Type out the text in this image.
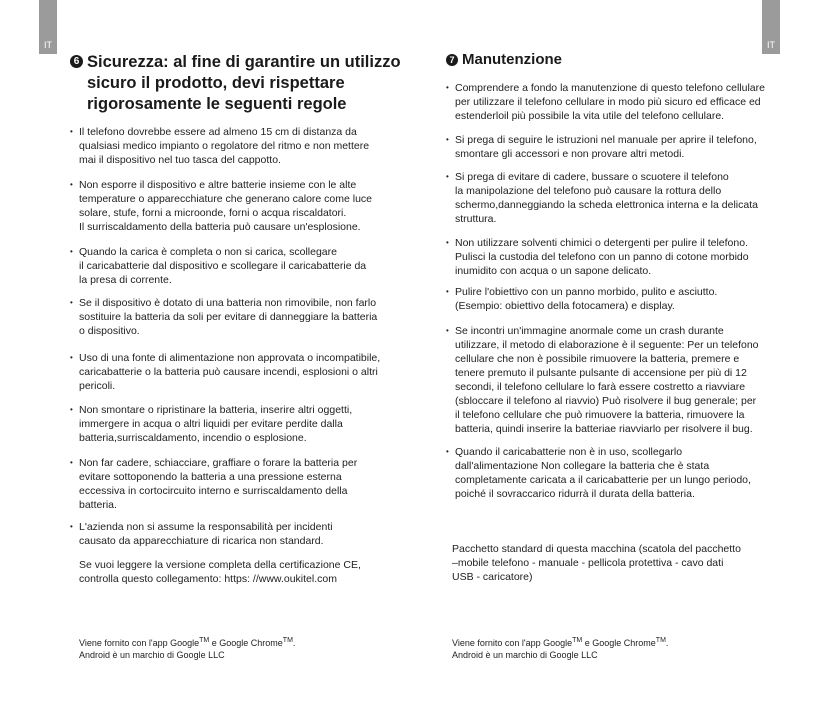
IT	IT
6 Sicurezza: al fine di garantire un utilizzo sicuro il prodotto, devi rispettare rigorosamente le seguenti regole
• Il telefono dovrebbe essere ad almeno 15 cm di distanza da
qualsiasi medico impianto o regolatore del ritmo e non mettere
mai il dispositivo nel tuo tasca del cappotto.
• Non esporre il dispositivo e altre batterie insieme con le alte
temperature o apparecchiature che generano calore come luce
solare, stufe, forni a microonde, forni o acqua riscaldatori.
Il surriscaldamento della batteria può causare un'esplosione.
• Quando la carica è completa o non si carica, scollegare
il caricabatterie dal dispositivo e scollegare il caricabatterie da
la presa di corrente.
• Se il dispositivo è dotato di una batteria non rimovibile, non farlo
sostituire la batteria da soli per evitare di danneggiare la batteria
o dispositivo.
• Uso di una fonte di alimentazione non approvata o incompatibile,
caricabatterie o la batteria può causare incendi, esplosioni o altri
pericoli.
• Non smontare o ripristinare la batteria, inserire altri oggetti,
immergere in acqua o altri liquidi per evitare perdite dalla
batteria,surriscaldamento, incendio o esplosione.
• Non far cadere, schiacciare, graffiare o forare la batteria per
evitare sottoponendo la batteria a una pressione esterna
eccessiva in cortocircuito interno e surriscaldamento della
batteria.
• L'azienda non si assume la responsabilità per incidenti
causato da apparecchiature di ricarica non standard.
Se vuoi leggere la versione completa della certificazione CE,
controlla questo collegamento: https: //www.oukitel.com
Viene fornito con l'app Google™ e Google Chrome™.
Android è un marchio di Google LLC
7 Manutenzione
• Comprendere a fondo la manutenzione di questo telefono cellulare
per utilizzare il telefono cellulare in modo più sicuro ed efficace ed
estenderloil più possibile la vita utile del telefono cellulare.
• Si prega di seguire le istruzioni nel manuale per aprire il telefono,
smontare gli accessori e non provare altri metodi.
• Si prega di evitare di cadere, bussare o scuotere il telefono
la manipolazione del telefono può causare la rottura dello
schermo,danneggiando la scheda elettronica interna e la delicata
struttura.
• Non utilizzare solventi chimici o detergenti per pulire il telefono.
Pulisci la custodia del telefono con un panno di cotone morbido
inumidito con acqua o un sapone delicato.
• Pulire l'obiettivo con un panno morbido, pulito e asciutto.
(Esempio: obiettivo della fotocamera) e display.
• Se incontri un'immagine anormale come un crash durante
utilizzare, il metodo di elaborazione è il seguente: Per un telefono
cellulare che non è possibile rimuovere la batteria, premere e
tenere premuto il pulsante pulsante di accensione per più di 12
secondi, il telefono cellulare lo farà essere costretto a riavviare
(sbloccare il telefono al riavvio) Può risolvere il bug generale; per
il telefono cellulare che può rimuovere la batteria, rimuovere la
batteria, quindi inserire la batteriae riavviarlo per risolvere il bug.
• Quando il caricabatterie non è in uso, scollegarlo
dall'alimentazione Non collegare la batteria che è stata
completamente caricata a il caricabatterie per un lungo periodo,
poiché il sovraccarico ridurrà il durata della batteria.
Pacchetto standard di questa macchina (scatola del pacchetto
–mobile telefono - manuale - pellicola protettiva - cavo dati
USB - caricatore)
Viene fornito con l'app Google™ e Google Chrome™.
Android è un marchio di Google LLC
